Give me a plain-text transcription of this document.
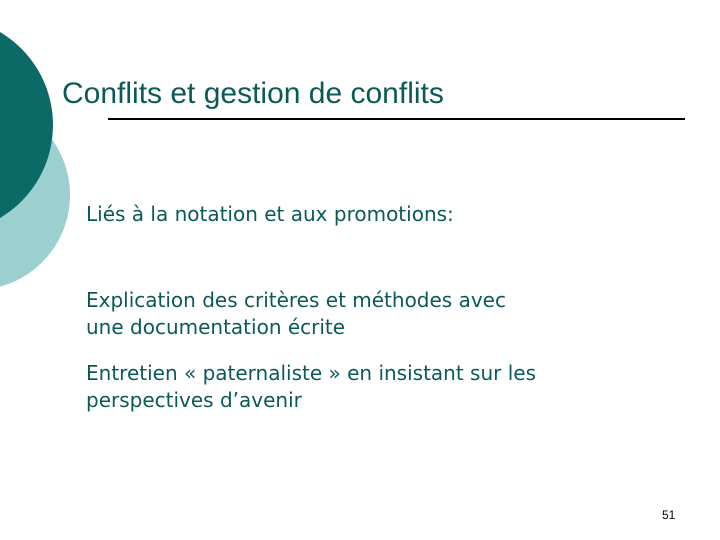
Conflits et gestion de conflits

Liés à la notation et aux promotions:

Explication des critères et méthodes avec
une documentation écrite

Entretien « paternaliste » en insistant sur les
perspectives d’avenir

51
